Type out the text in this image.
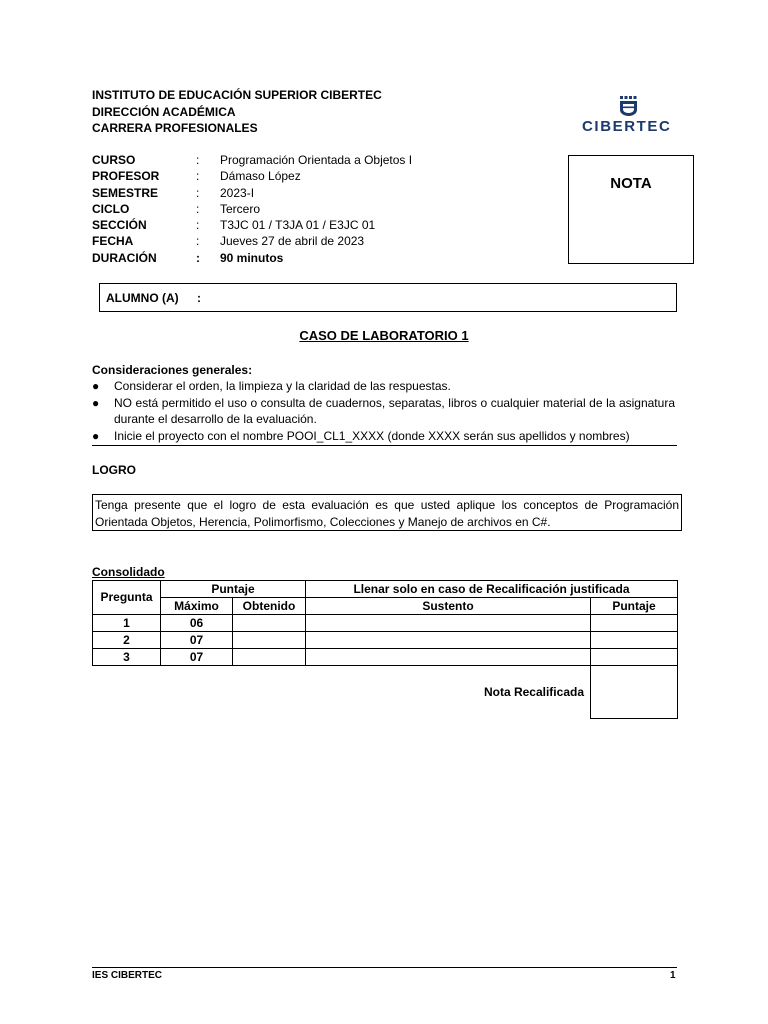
INSTITUTO DE EDUCACIÓN SUPERIOR CIBERTEC
DIRECCIÓN ACADÉMICA
CARRERA PROFESIONALES	CIBERTEC
CURSO	:	Programación Orientada a Objetos I
PROFESOR	:	Dámaso López
SEMESTRE	:	2023-I
CICLO	:	Tercero
SECCIÓN	:	T3JC 01 / T3JA 01 / E3JC 01
FECHA	:	Jueves 27 de abril de 2023
DURACIÓN	:	90 minutos
NOTA
ALUMNO (A) :
CASO DE LABORATORIO 1
Consideraciones generales:
● Considerar el orden, la limpieza y la claridad de las respuestas.
● NO está permitido el uso o consulta de cuadernos, separatas, libros o cualquier material de la asignatura durante el desarrollo de la evaluación.
● Inicie el proyecto con el nombre POOI_CL1_XXXX (donde XXXX serán sus apellidos y nombres)
LOGRO
Tenga presente que el logro de esta evaluación es que usted aplique los conceptos de Programación Orientada Objetos, Herencia, Polimorfismo, Colecciones y Manejo de archivos en C#.
Consolidado
Pregunta	Puntaje		Llenar solo en caso de Recalificación justificada	
	Máximo	Obtenido	Sustento	Puntaje
1	06			
2	07			
3	07			
			Nota Recalificada	
IES CIBERTEC	1
